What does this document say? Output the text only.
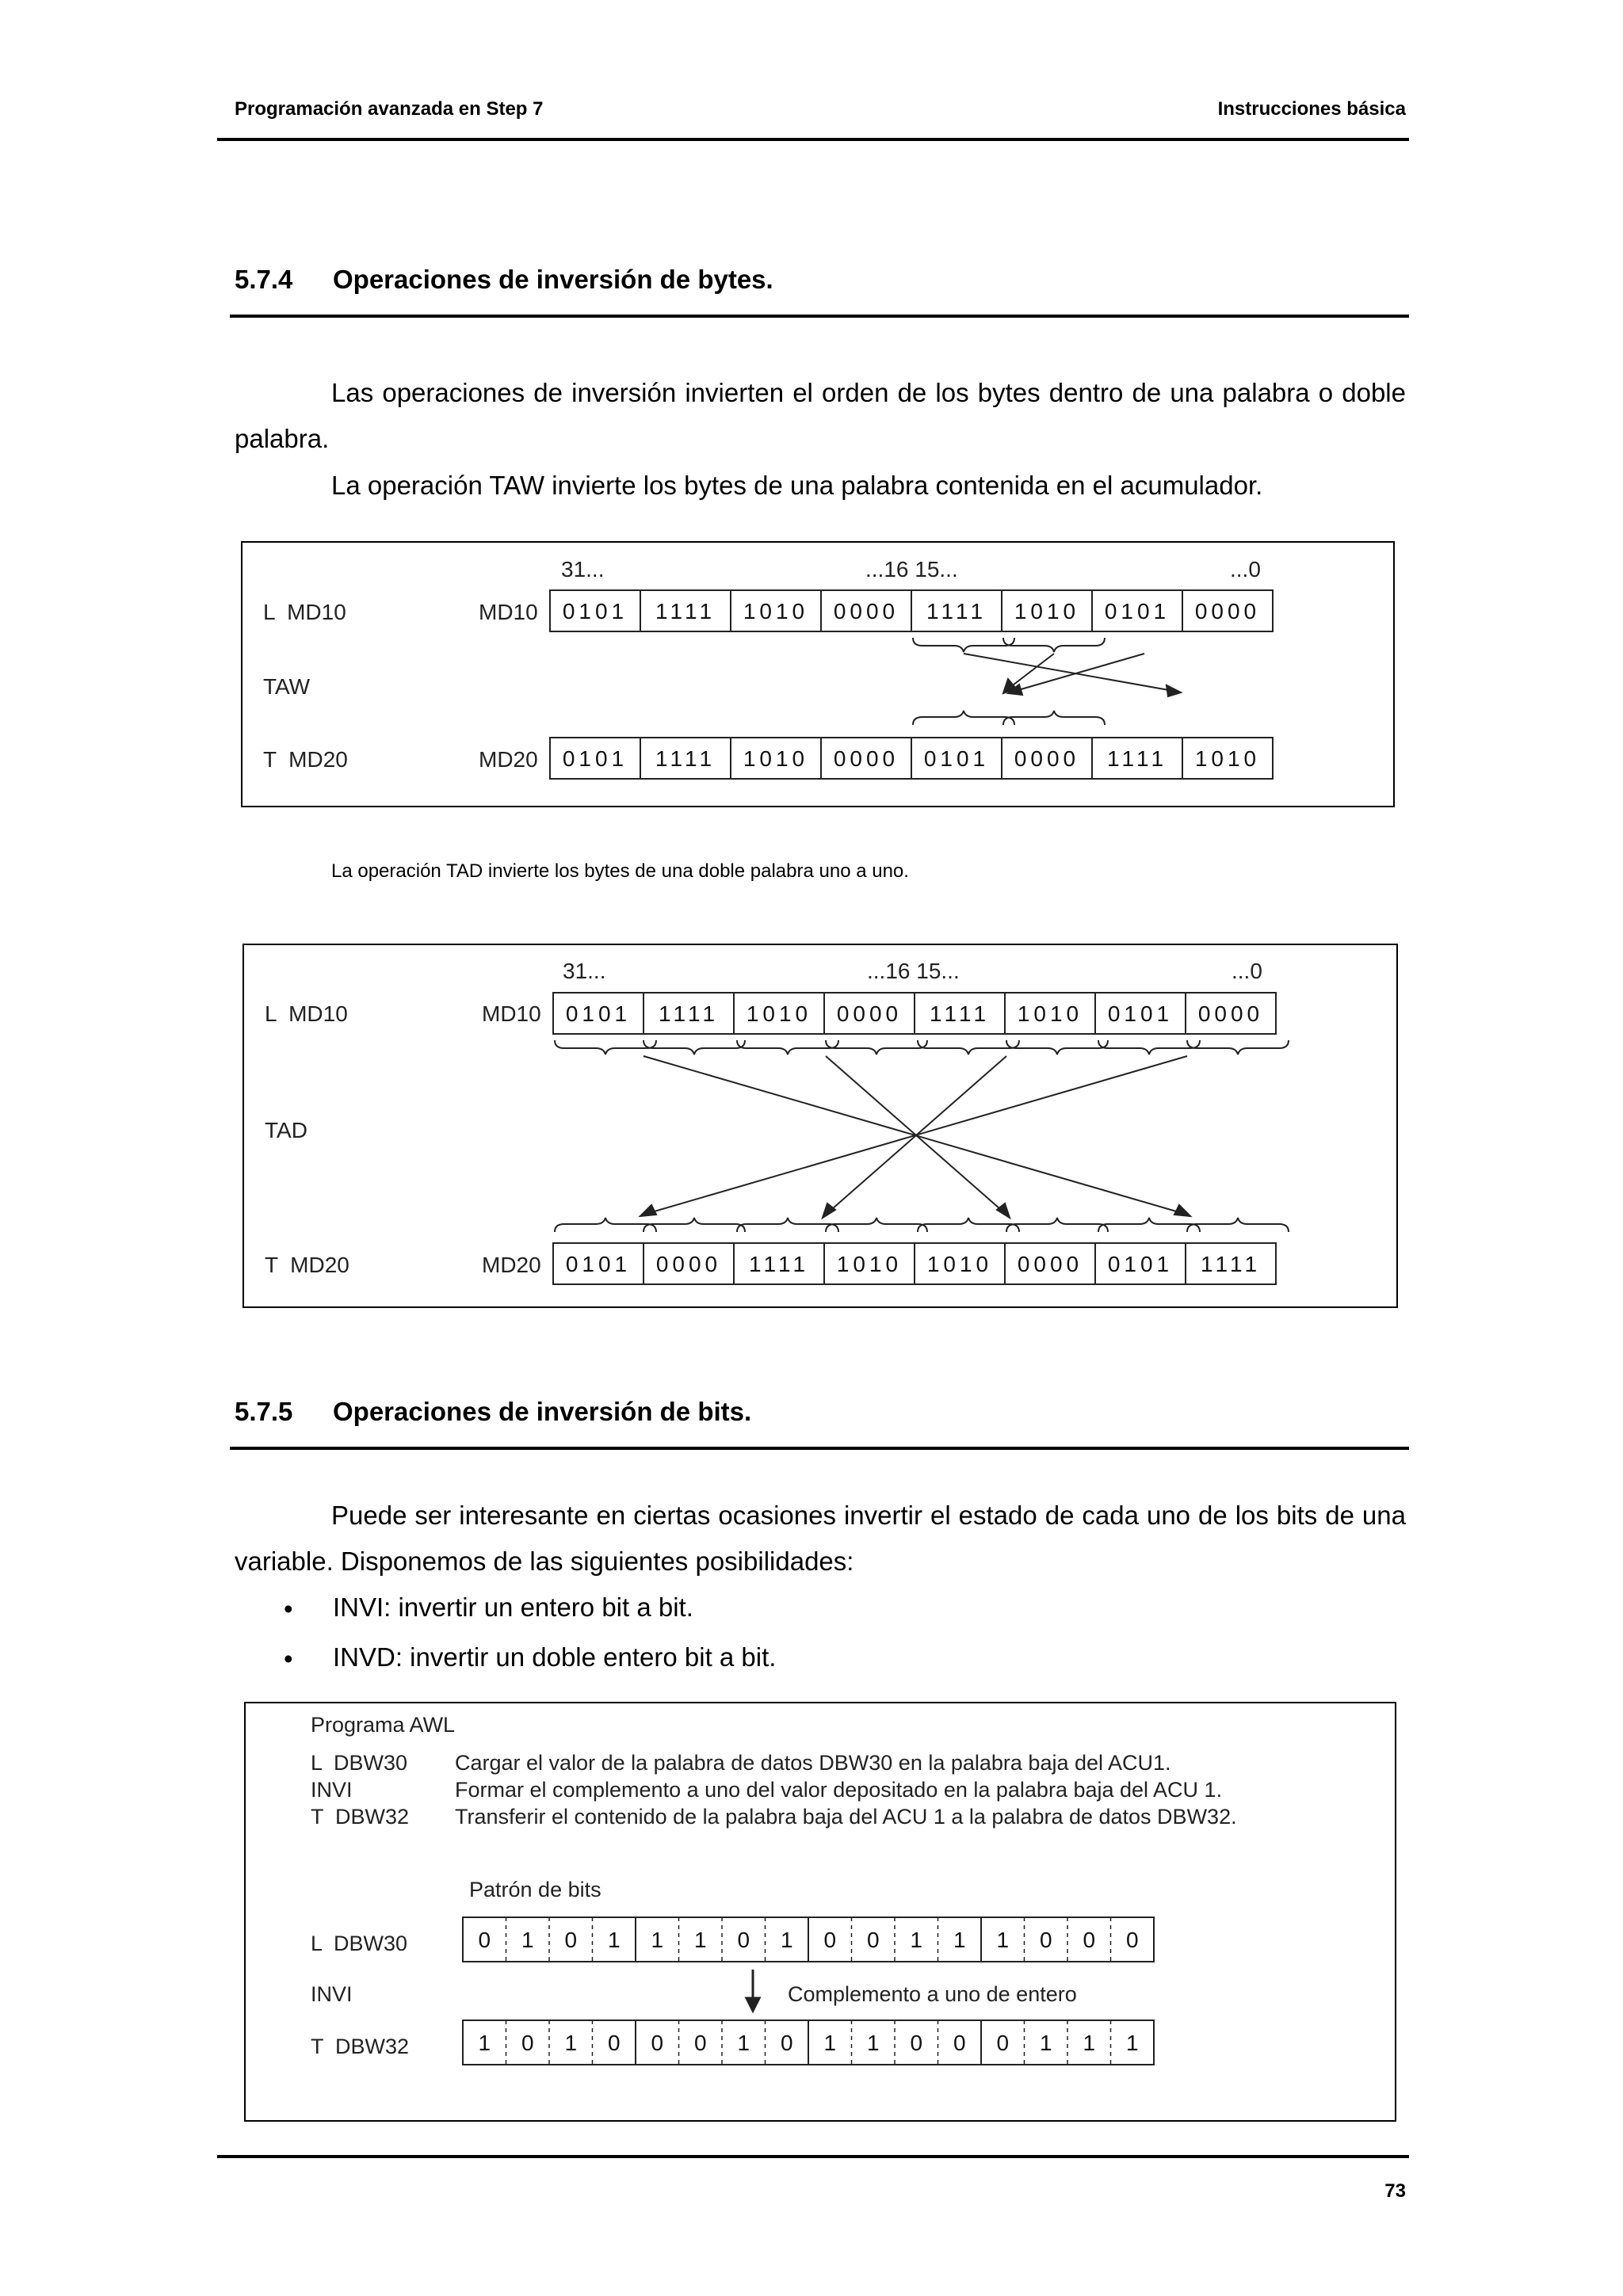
Programación avanzada en Step 7	Instrucciones básica
5.7.4 Operaciones de inversión de bytes.
Las operaciones de inversión invierten el orden de los bytes dentro de una palabra o doble palabra.
La operación TAW invierte los bytes de una palabra contenida en el acumulador.
31...	...16 15...	...0
L  MD10	MD10 0101 1111 1010 0000 1111 1010 0101 0000
TAW
T  MD20	MD20 0101 1111 1010 0000 0101 0000 1111 1010
La operación TAD invierte los bytes de una doble palabra uno a uno.
31...	...16 15...	...0
L  MD10	MD10 0101 1111 1010 0000 1111 1010 0101 0000
TAD
T  MD20	MD20 0101 0000 1111 1010 1010 0000 0101 1111
5.7.5 Operaciones de inversión de bits.
Puede ser interesante en ciertas ocasiones invertir el estado de cada uno de los bits de una variable. Disponemos de las siguientes posibilidades:
• INVI: invertir un entero bit a bit.
• INVD: invertir un doble entero bit a bit.
Programa AWL
L  DBW30 Cargar el valor de la palabra de datos DBW30 en la palabra baja del ACU1.
INVI	Formar el complemento a uno del valor depositado en la palabra baja del ACU 1.
T  DBW32 Transferir el contenido de la palabra baja del ACU 1 a la palabra de datos DBW32.
Patrón de bits
L  DBW30	0 1 0 1 1 1 0 1 0 0 1 1 1 0 0 0
INVI	Complemento a uno de entero
T  DBW32	1 0 1 0 0 0 1 0 1 1 0 0 0 1 1 1
73
